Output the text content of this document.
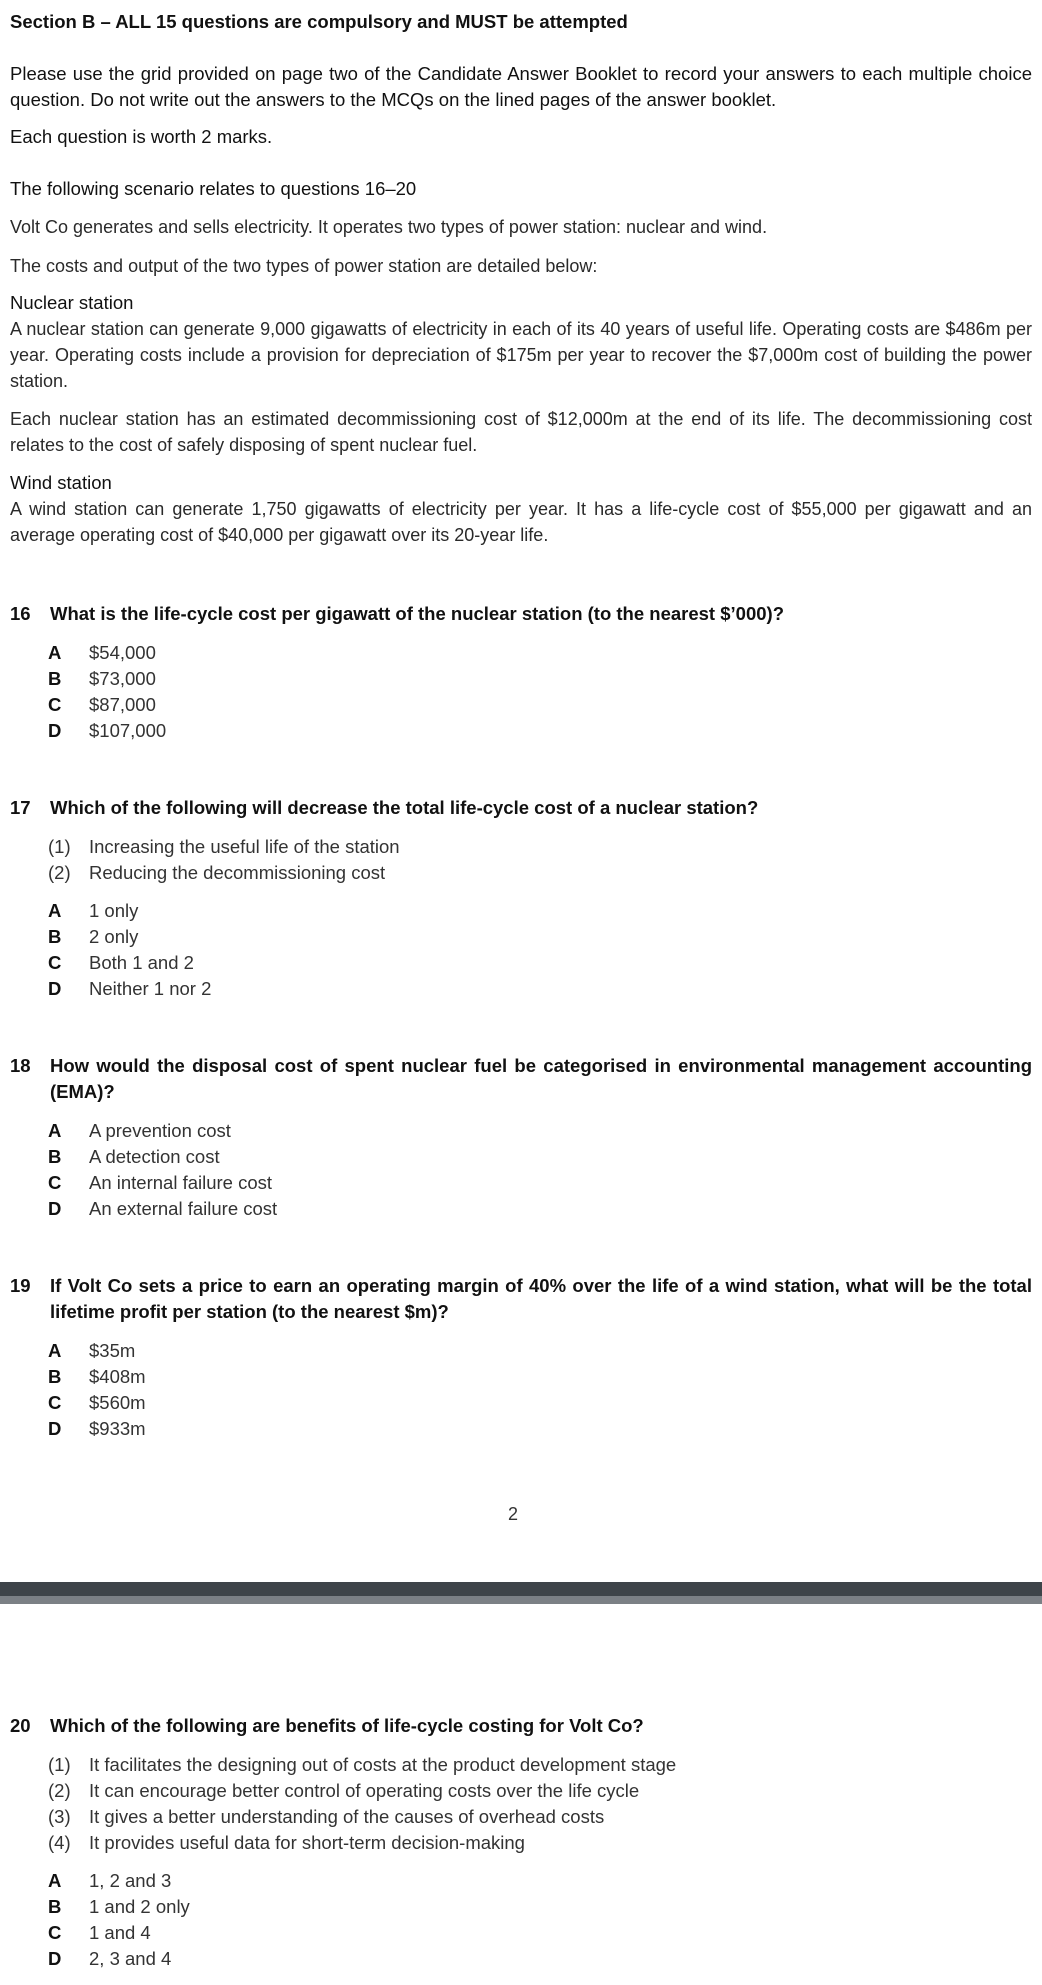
Section B – ALL 15 questions are compulsory and MUST be attempted

Please use the grid provided on page two of the Candidate Answer Booklet to record your answers to each multiple choice question. Do not write out the answers to the MCQs on the lined pages of the answer booklet.

Each question is worth 2 marks.

The following scenario relates to questions 16–20

Volt Co generates and sells electricity. It operates two types of power station: nuclear and wind.

The costs and output of the two types of power station are detailed below:

Nuclear station

A nuclear station can generate 9,000 gigawatts of electricity in each of its 40 years of useful life. Operating costs are $486m per year. Operating costs include a provision for depreciation of $175m per year to recover the $7,000m cost of building the power station.

Each nuclear station has an estimated decommissioning cost of $12,000m at the end of its life. The decommissioning cost relates to the cost of safely disposing of spent nuclear fuel.

Wind station

A wind station can generate 1,750 gigawatts of electricity per year. It has a life-cycle cost of $55,000 per gigawatt and an average operating cost of $40,000 per gigawatt over its 20-year life.

16 What is the life-cycle cost per gigawatt of the nuclear station (to the nearest $’000)?

A	$54,000
B	$73,000
C	$87,000
D	$107,000
17 Which of the following will decrease the total life-cycle cost of a nuclear station?

(1) Increasing the useful life of the station
(2) Reducing the decommissioning cost
A	1 only
B	2 only
C	Both 1 and 2
D	Neither 1 nor 2
18 How would the disposal cost of spent nuclear fuel be categorised in environmental management accounting (EMA)?

A	A prevention cost
B	A detection cost
C	An internal failure cost
D	An external failure cost
19 If Volt Co sets a price to earn an operating margin of 40% over the life of a wind station, what will be the total lifetime profit per station (to the nearest $m)?

A	$35m
B	$408m
C	$560m
D	$933m
2
20 Which of the following are benefits of life-cycle costing for Volt Co?

(1) It facilitates the designing out of costs at the product development stage
(2) It can encourage better control of operating costs over the life cycle
(3) It gives a better understanding of the causes of overhead costs
(4) It provides useful data for short-term decision-making
A	1, 2 and 3
B	1 and 2 only
C	1 and 4
D	2, 3 and 4
